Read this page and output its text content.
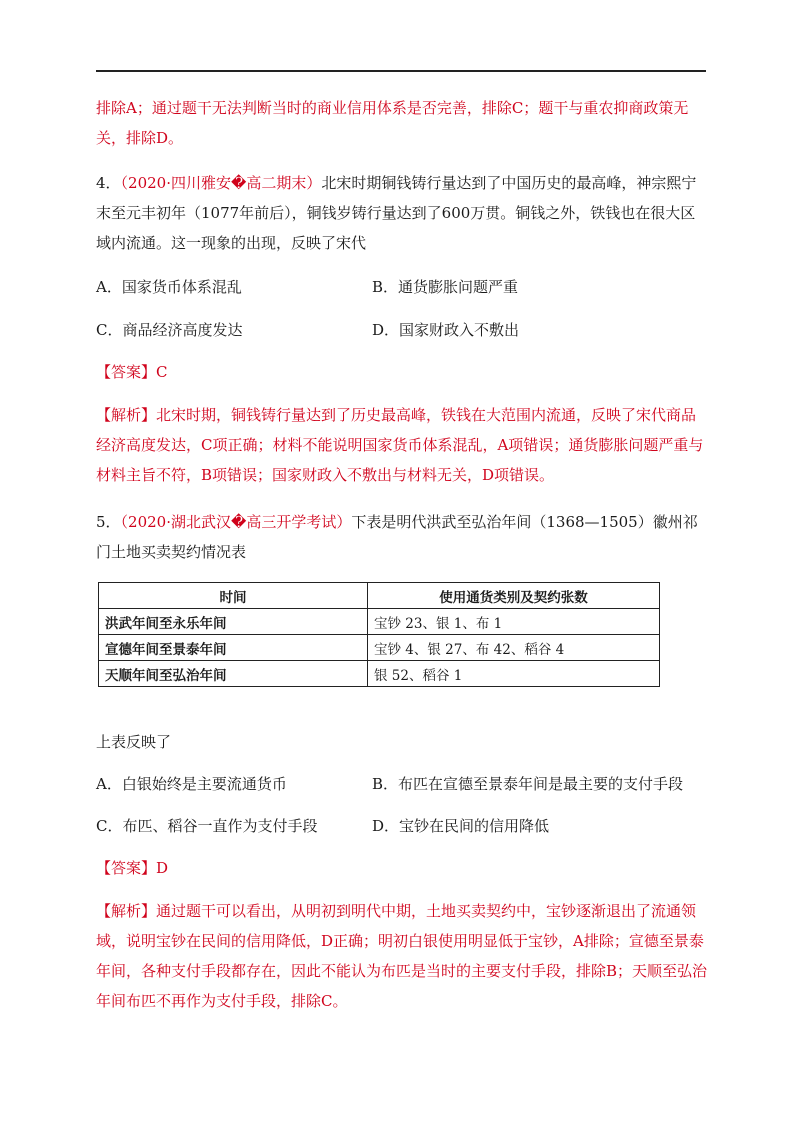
排除A；通过题干无法判断当时的商业信用体系是否完善，排除C；题干与重农抑商政策无关，排除D。

4．（2020·四川雅安�高二期末）北宋时期铜钱铸行量达到了中国历史的最高峰，神宗熙宁末至元丰初年（1077年前后），铜钱岁铸行量达到了600万贯。铜钱之外，铁钱也在很大区域内流通。这一现象的出现，反映了宋代

A．国家货币体系混乱	B．通货膨胀问题严重
C．商品经济高度发达	D．国家财政入不敷出
【答案】C

【解析】北宋时期，铜钱铸行量达到了历史最高峰，铁钱在大范围内流通，反映了宋代商品经济高度发达，C项正确；材料不能说明国家货币体系混乱，A项错误；通货膨胀问题严重与材料主旨不符，B项错误；国家财政入不敷出与材料无关，D项错误。

5．（2020·湖北武汉�高三开学考试）下表是明代洪武至弘治年间（1368—1505）徽州祁门土地买卖契约情况表

时间	使用通货类别及契约张数
洪武年间至永乐年间	宝钞 23、银 1、布 1
宣德年间至景泰年间	宝钞 4、银 27、布 42、稻谷 4
天顺年间至弘治年间	银 52、稻谷 1
上表反映了
A．白银始终是主要流通货币	B．布匹在宣德至景泰年间是最主要的支付手段
C．布匹、稻谷一直作为支付手段	D．宝钞在民间的信用降低
【答案】D

【解析】通过题干可以看出，从明初到明代中期，土地买卖契约中，宝钞逐渐退出了流通领域，说明宝钞在民间的信用降低，D正确；明初白银使用明显低于宝钞，A排除；宣德至景泰年间，各种支付手段都存在，因此不能认为布匹是当时的主要支付手段，排除B；天顺至弘治年间布匹不再作为支付手段，排除C。
